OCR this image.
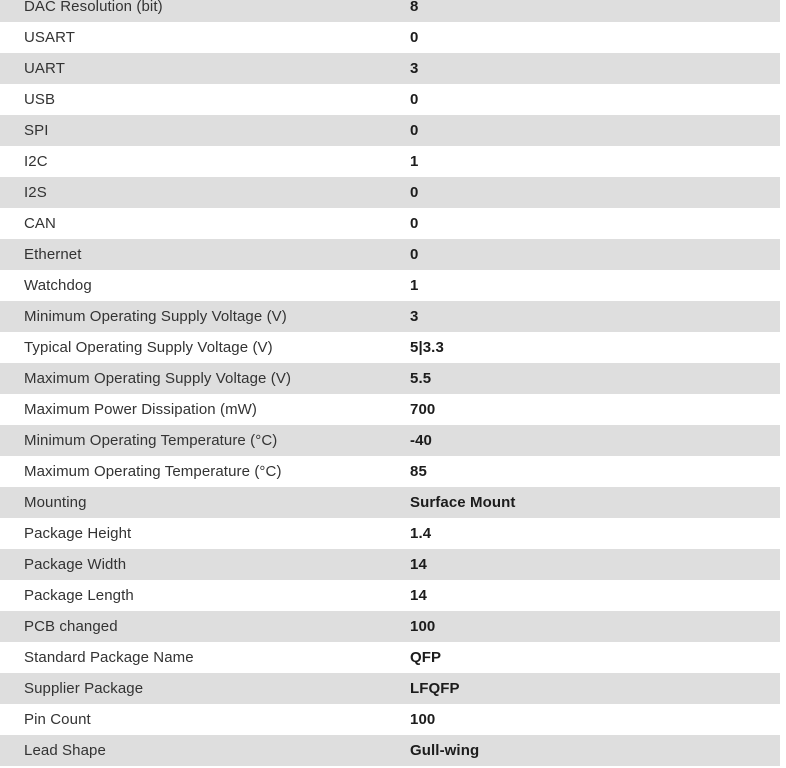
DAC Resolution (bit)	8
USART	0
UART	3
USB	0
SPI	0
I2C	1
I2S	0
CAN	0
Ethernet	0
Watchdog	1
Minimum Operating Supply Voltage (V)	3
Typical Operating Supply Voltage (V)	5|3.3
Maximum Operating Supply Voltage (V)	5.5
Maximum Power Dissipation (mW)	700
Minimum Operating Temperature (°C)	-40
Maximum Operating Temperature (°C)	85
Mounting	Surface Mount
Package Height	1.4
Package Width	14
Package Length	14
PCB changed	100
Standard Package Name	QFP
Supplier Package	LFQFP
Pin Count	100
Lead Shape	Gull-wing
